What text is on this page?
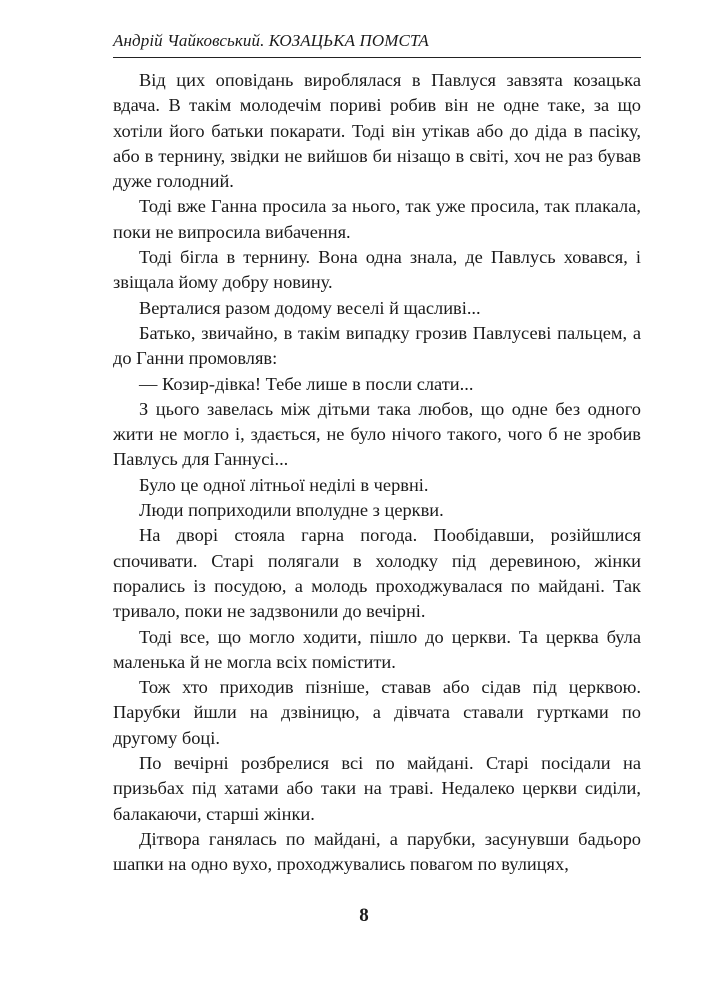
Андрій Чайковський. КОЗАЦЬКА ПОМСТА

Від цих оповідань вироблялася в Павлуся завзята козацька вдача. В такім молодечім пориві робив він не одне таке, за що хотіли його батьки покарати. Тоді він утікав або до діда в пасіку, або в тернину, звідки не вийшов би нізащо в світі, хоч не раз бував дуже голодний.

Тоді вже Ганна просила за нього, так уже просила, так плакала, поки не випросила вибачення.

Тоді бігла в тернину. Вона одна знала, де Павлусь ховався, і звіщала йому добру новину.

Верталися разом додому веселі й щасливі...

Батько, звичайно, в такім випадку грозив Павлусеві пальцем, а до Ганни промовляв:

— Козир-дівка! Тебе лише в посли слати...

З цього завелась між дітьми така любов, що одне без одного жити не могло і, здається, не було нічого такого, чого б не зробив Павлусь для Ганнусі...

Було це одної літньої неділі в червні.

Люди поприходили вполудне з церкви.

На дворі стояла гарна погода. Пообідавши, розійшлися спочивати. Старі полягали в холодку під деревиною, жінки порались із посудою, а молодь проходжувалася по майдані. Так тривало, поки не задзвонили до вечірні.

Тоді все, що могло ходити, пішло до церкви. Та церква була маленька й не могла всіх помістити.

Тож хто приходив пізніше, ставав або сідав під церквою. Парубки йшли на дзвіницю, а дівчата ставали гуртками по другому боці.

По вечірні розбрелися всі по майдані. Старі посідали на призьбах під хатами або таки на траві. Недалеко церкви сиділи, балакаючи, старші жінки.

Дітвора ганялась по майдані, а парубки, засунувши бадьоро шапки на одно вухо, проходжувались повагом по вулицях,

8
